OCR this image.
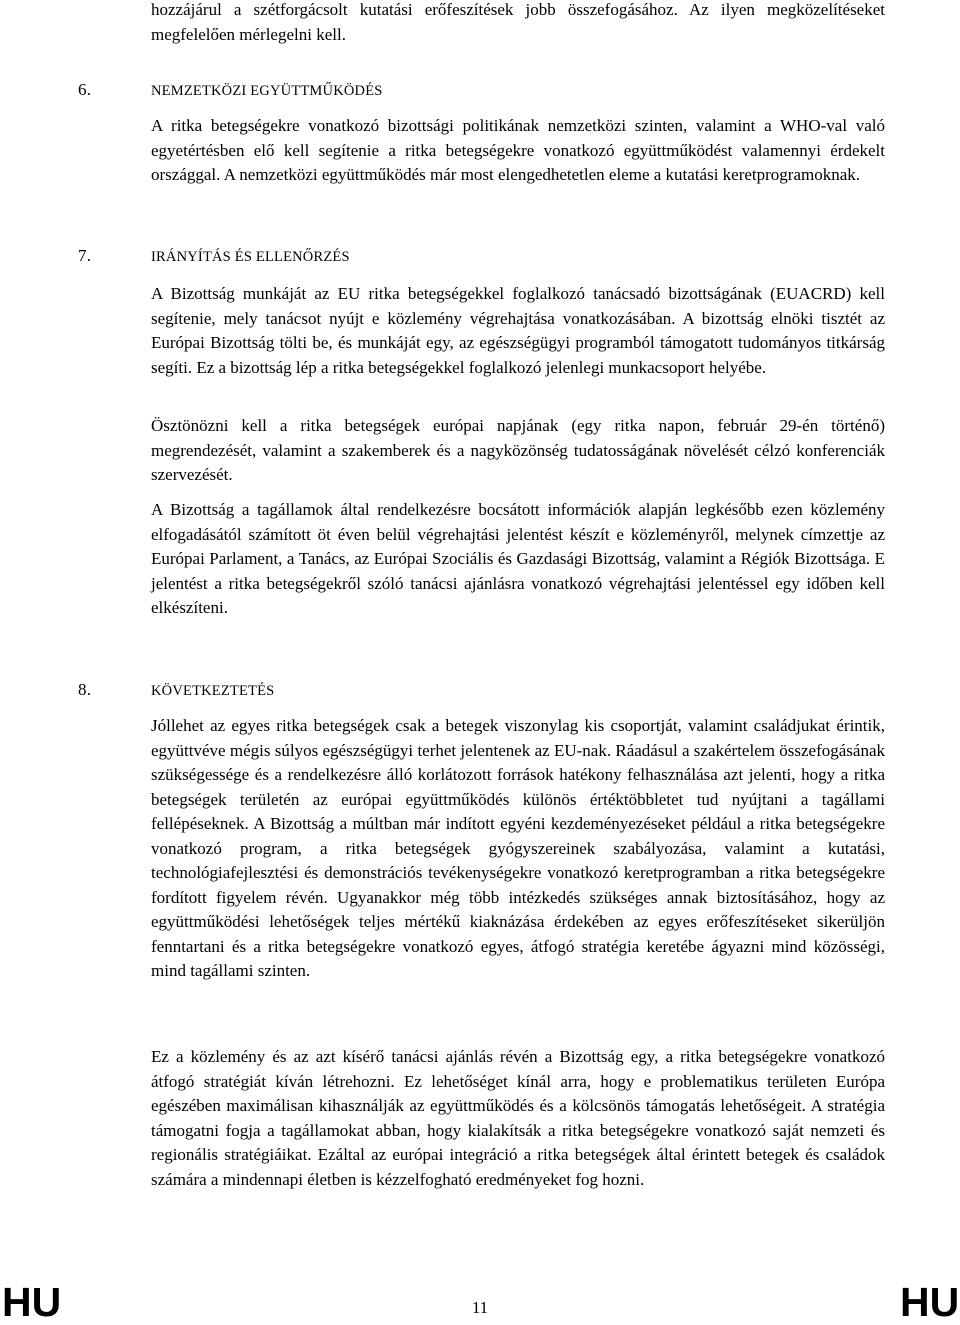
hozzájárul a szétforgácsolt kutatási erőfeszítések jobb összefogásához. Az ilyen megközelítéseket megfelelően mérlegelni kell.

6.	NEMZETKÖZI EGYÜTTMŰKÖDÉS

A ritka betegségekre vonatkozó bizottsági politikának nemzetközi szinten, valamint a WHO-val való egyetértésben elő kell segítenie a ritka betegségekre vonatkozó együttműködést valamennyi érdekelt országgal. A nemzetközi együttműködés már most elengedhetetlen eleme a kutatási keretprogramoknak.

7.	IRÁNYÍTÁS ÉS ELLENŐRZÉS

A Bizottság munkáját az EU ritka betegségekkel foglalkozó tanácsadó bizottságának (EUACRD) kell segítenie, mely tanácsot nyújt e közlemény végrehajtása vonatkozásában. A bizottság elnöki tisztét az Európai Bizottság tölti be, és munkáját egy, az egészségügyi programból támogatott tudományos titkárság segíti. Ez a bizottság lép a ritka betegségekkel foglalkozó jelenlegi munkacsoport helyébe.

Ösztönözni kell a ritka betegségek európai napjának (egy ritka napon, február 29-én történő) megrendezését, valamint a szakemberek és a nagyközönség tudatosságának növelését célzó konferenciák szervezését.

A Bizottság a tagállamok által rendelkezésre bocsátott információk alapján legkésőbb ezen közlemény elfogadásától számított öt éven belül végrehajtási jelentést készít e közleményről, melynek címzettje az Európai Parlament, a Tanács, az Európai Szociális és Gazdasági Bizottság, valamint a Régiók Bizottsága. E jelentést a ritka betegségekről szóló tanácsi ajánlásra vonatkozó végrehajtási jelentéssel egy időben kell elkészíteni.

8.	KÖVETKEZTETÉS

Jóllehet az egyes ritka betegségek csak a betegek viszonylag kis csoportját, valamint családjukat érintik, együttvéve mégis súlyos egészségügyi terhet jelentenek az EU-nak. Ráadásul a szakértelem összefogásának szükségessége és a rendelkezésre álló korlátozott források hatékony felhasználása azt jelenti, hogy a ritka betegségek területén az európai együttműködés különös értéktöbbletet tud nyújtani a tagállami fellépéseknek. A Bizottság a múltban már indított egyéni kezdeményezéseket például a ritka betegségekre vonatkozó program, a ritka betegségek gyógyszereinek szabályozása, valamint a kutatási, technológiafejlesztési és demonstrációs tevékenységekre vonatkozó keretprogramban a ritka betegségekre fordított figyelem révén. Ugyanakkor még több intézkedés szükséges annak biztosításához, hogy az együttműködési lehetőségek teljes mértékű kiaknázása érdekében az egyes erőfeszítéseket sikerüljön fenntartani és a ritka betegségekre vonatkozó egyes, átfogó stratégia keretébe ágyazni mind közösségi, mind tagállami szinten.

Ez a közlemény és az azt kísérő tanácsi ajánlás révén a Bizottság egy, a ritka betegségekre vonatkozó átfogó stratégiát kíván létrehozni. Ez lehetőséget kínál arra, hogy e problematikus területen Európa egészében maximálisan kihasználják az együttműködés és a kölcsönös támogatás lehetőségeit. A stratégia támogatni fogja a tagállamokat abban, hogy kialakítsák a ritka betegségekre vonatkozó saját nemzeti és regionális stratégiáikat. Ezáltal az európai integráció a ritka betegségek által érintett betegek és családok számára a mindennapi életben is kézzelfogható eredményeket fog hozni.

HU	11	HU
